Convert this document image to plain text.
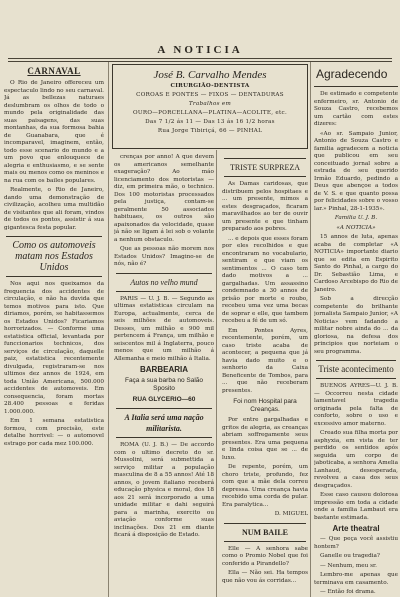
A NOTICIA
CARNAVAL

O Rio de Janeiro offereceu um espectaculo lindo no seu carnaval. Já as bellezas naturaes deslumbram os olhos de todo o mundo pela originalidade das suas paisagens, das suas montanhas, da sua formosa bahia de Guanabara, que é incomparavel, imaginem, então, todo esse scenario do mundo e a um povo que enlouquece de alegria e enthusiasmo, e se sente mais ou menos como os meninos e na rua com os bailes populares.

Realmente, o Rio de Janeiro, dando uma demonstração de civilização, acolheu uma multidão de visitantes que ali foram, vindos de todos os pontos, assistir á sua gigantesca festa popular.

Como os automoveis matam nos Estados Unidos

Nos aqui nos queixamos da frequencia dos accidentes de circulação, e não ha duvida que temos motivos para isto. Que diriamos, porém, se habitassemos os Estados Unidos? Ficariamos horrorizados. — Conforme uma estatistica official, levantada por funccionarios technicos, dos serviços de circulação, daquelle paiz, estatistica recentemente divulgada, registraram-se nos ultimos dez annos de 1924, em toda União Americana, 500.000 accidentes de automoveis. Em consequencia, foram mortas 28.400 pessoas e feridas 1.000.000.

Em 1 semana estatistica formou, com precisão, este detalhe horrivel: — o automovel estrago por cada mez 100.000.

José B. Carvalho Mendes
CIRURGIÃO-DENTISTA
COROAS E PONTES — FIXOS — DENTADURAS
Trabalhos em
OURO—PORCELLANA—PLATINA—ACOLITE, etc.
Das 7 1/2 ás 11 — Das 13 ás 16 1/2 horas
Rua Jorge Tibiriçá, 66 — PINHAL

crenças por anno! A que devem os americanos semelhante exageração? Ao máo licenciamento dos motoristas — diz, em primeira mão, o technico. Dos 100 motoristas processados pela justiça, contam-se geralmente 50 associados habituaes, os outros são apaixonados da velocidade, quase já não se ligam á lei sob o volante a nenhum obstaculo.

Que as pessoas não morem nos Estados Unidos? Imagino-se de nós, não é?

Autos no velho mund

PARIS — U. J. B. — Segundo as ultimas estatisticas circulam na Europa, actualmente, cerca de seis milhões de automoveis. Desses, um milhão e 900 mil pertencem á França, um milhão e seiscentos mil á Inglaterra, pouco menos que um milhão á Allemanha e meio milhão á Italia.

BARBEARIA
Faça a sua barba no Salão Sposito
RUA GLYCERIO—60
A Italia será uma nação militarista.

ROMA (U. J. B.) — De accordo com o ultimo decreto do sr. Mussolini, será submettida a serviço militar a população masculina de 8 a 55 annos! Até 18 annos, o jovem italiano receberá educação physica e moral, dos 18 aos 21 será incorporado a uma unidade militar e dahi seguirá para a marinha, exercito ou aviação conforme suas inclinações. Dos 21 em diante ficará á disposição de Estado.

TRISTE SURPREZA

As Damas caridosas, que distribuem pelos hospitaes e ... um presente, mimos a estes desgraçados, ficaram maravilhados ao ter de ouvir um presente e que tinham preparado aos pobres.

... e depois que esses foram por eles recolhidos e que encontraram no vocabulario, sentiram e que viam os sentimentos ... O caso tem dado motivos a ... gargalhadas. Um assassino condemnado a 30 annos de prisão por morte e roubo, recebeu uma vez uma becas de soprar e elle, que tambem recebeu a fé de um só.

Em Pontes Ayres, recentemente, porém, um caso triste acaba de acontecer, a pequena que já havia dado muito e o senhorio da Caixa Beneficente de Tombos, para ... que não receberam presentes.

Foi nom Hospital para Creanças.

Por entre gargalhadas e gritos de alegria, as creanças abriam soffregamente seus presentes. Era uma pequena e linda coisa que se ... de luxo.

De repente, porém, um choro triste, profundo, fez com que a mãe dela correu depressa. Uma creança havia recebido uma corda de pular. Era paralytica...

D. MIGUEL
NUM BAILE

Elle — A senhora sabe como o Promio Nobel que foi conferido a Pirandello?

Ella — Não sei. Ha tempos que não vou ás corridas...

Agradecendo

De estimado e competente enfermeiro, sr. Antonio de Souza Castro, recebemos um cartão com estes dizeres:

«Ao sr. Sampaio Junior, Antonio de Souza Castro e familia agradecem a noticia que publicou em seu conceituado jornal sobre a estrada de seu querido Irmão Eduardo, pedindo a Deus que abençoe a todos de V. S. e que quanto possa por felicidades sobre o vosso lar.» Pinhal, 28-1-1935».

Familia U. J. B.
«A NOTICIA»

15 annos de luta, apenas acaba de completar «A NOTICIA» importante diario que se edita em Espirito Santo do Pinhal, a cargo do Dr. Sebastião Lima, e Cardoso Arcebispo do Rio de Janeiro.

Sob a direcção competente do brilhante jornalista Sampaio Junior, «A Noticia» vem fadando a militar nobre ainda do ... da gloriosa, na defesa dos principios que norteiam o seu programma.

Triste acontecimento

BUENOS AYRES—U. J. B. — Occorreu nesta cidade lamentavel tragedia originada pela falta de conforto, sobre o uso e excessivo amor materno.

Creado sua filha morta por asphyxia, em vista de ter perdido os sentidos após seguida um corpo de jaboticaba, a senhora Amelia Lanhaud, desesperada, revolveu a casa dos seus desgraçados.

Esse caso causou dolorosa impressão em toda a cidade onde a familia Lambaut era bastante estimada.

Arte theatral

— Que peça você assistiu hontem?

Ganelle ou tragedia?

— Nenhum, meu sr.

Lembro-me apenas que terminava em casamento.

— Então foi drama.
